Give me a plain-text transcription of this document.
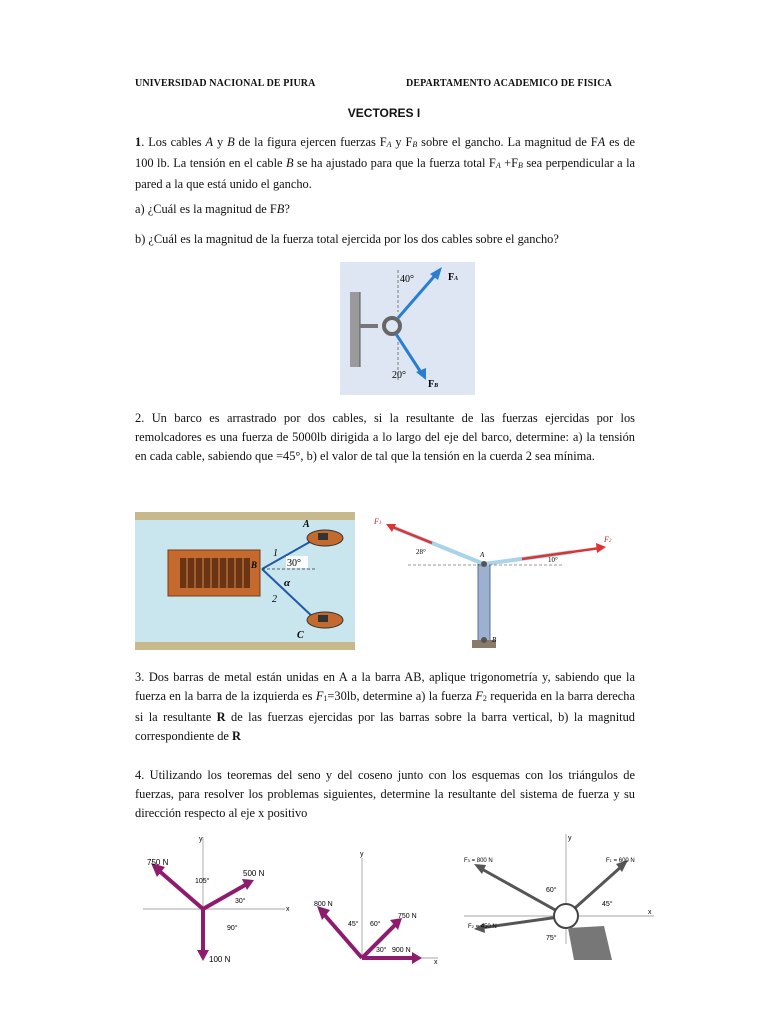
UNIVERSIDAD NACIONAL DE PIURA	DEPARTAMENTO ACADEMICO DE FISICA
VECTORES I
1. Los cables A y B de la figura ejercen fuerzas FA y FB sobre el gancho. La magnitud de FA es de 100 lb. La tensión en el cable B se ha ajustado para que la fuerza total FA +FB sea perpendicular a la pared a la que está unido el gancho.
a) ¿Cuál es la magnitud de FB?
b) ¿Cuál es la magnitud de la fuerza total ejercida por los dos cables sobre el gancho?
40°
20°
FA
FB
2. Un barco es arrastrado por dos cables, si la resultante de las fuerzas ejercidas por los remolcadores es una fuerza de 5000lb dirigida a lo largo del eje del barco, determine: a) la tensión en cada cable, sabiendo que =45°, b) el valor de tal que la tensión en la cuerda 2 sea mínima.
A
C
B
1
2
30°
α
F1
F2
A
B
28°
10°
3. Dos barras de metal están unidas en A a la barra AB, aplique trigonometría y, sabiendo que la fuerza en la barra de la izquierda es F1=30lb, determine a) la fuerza F2 requerida en la barra derecha si la resultante R de las fuerzas ejercidas por las barras sobre la barra vertical, b) la magnitud correspondiente de R
4. Utilizando los teoremas del seno y del coseno junto con los esquemas con los triángulos de fuerzas, para resolver los problemas siguientes, determine la resultante del sistema de fuerza y su dirección respecto al eje x positivo
750 N
500 N
100 N
105°
30°
90°
x
y
800 N
750 N
900 N
45° 60°
30°
x
y
F3 = 800 N	F1 = 600 N
F2 = 450 N
60°
45°
75°
x
y
